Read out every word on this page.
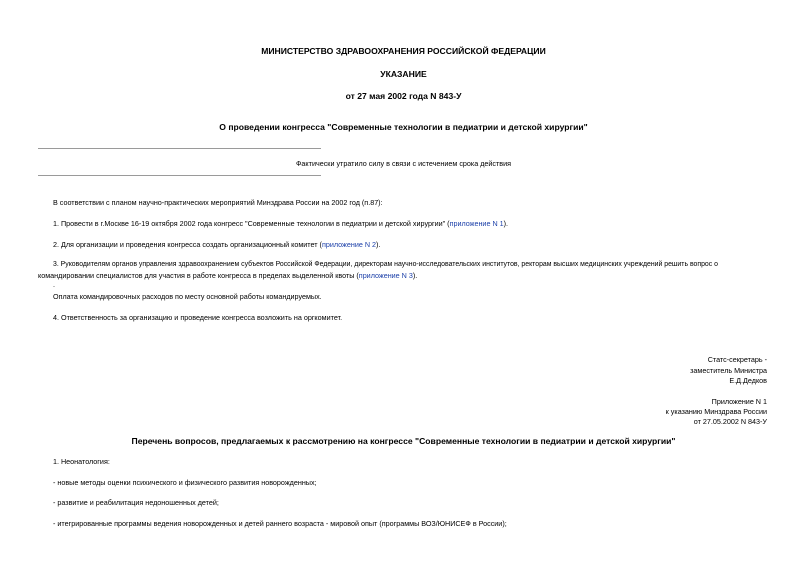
МИНИСТЕРСТВО ЗДРАВООХРАНЕНИЯ РОССИЙСКОЙ ФЕДЕРАЦИИ
УКАЗАНИЕ
от 27 мая 2002 года N 843-У
О проведении конгресса "Современные технологии в педиатрии и детской хирургии"
Фактически утратило силу в связи с истечением срока действия
В соответствии с планом научно-практических мероприятий Минздрава России на 2002 год (п.87):
1. Провести в г.Москве 16-19 октября 2002 года конгресс "Современные технологии в педиатрии и детской хирургии" (приложение N 1).
2. Для организации и проведения конгресса создать организационный комитет (приложение N 2).
3. Руководителям органов управления здравоохранением субъектов Российской Федерации, директорам научно-исследовательских институтов, ректорам высших медицинских учреждений решить вопрос о
командировании специалистов для участия в работе конгресса в пределах выделенной квоты (приложение N 3).
.
Оплата командировочных расходов по месту основной работы командируемых.
4. Ответственность за организацию и проведение конгресса возложить на оргкомитет.
Статс-секретарь -
заместитель Министра
Е.Д.Дедков
Приложение N 1
к указанию Минздрава России
от 27.05.2002 N 843-У
Перечень вопросов, предлагаемых к рассмотрению на конгрессе "Современные технологии в педиатрии и детской хирургии"
1. Неонатология:
- новые методы оценки психического и физического развития новорожденных;
- развитие и реабилитация недоношенных детей;
- итегрированные программы ведения новорожденных и детей раннего возраста - мировой опыт (программы ВОЗ/ЮНИСЕФ в России);
